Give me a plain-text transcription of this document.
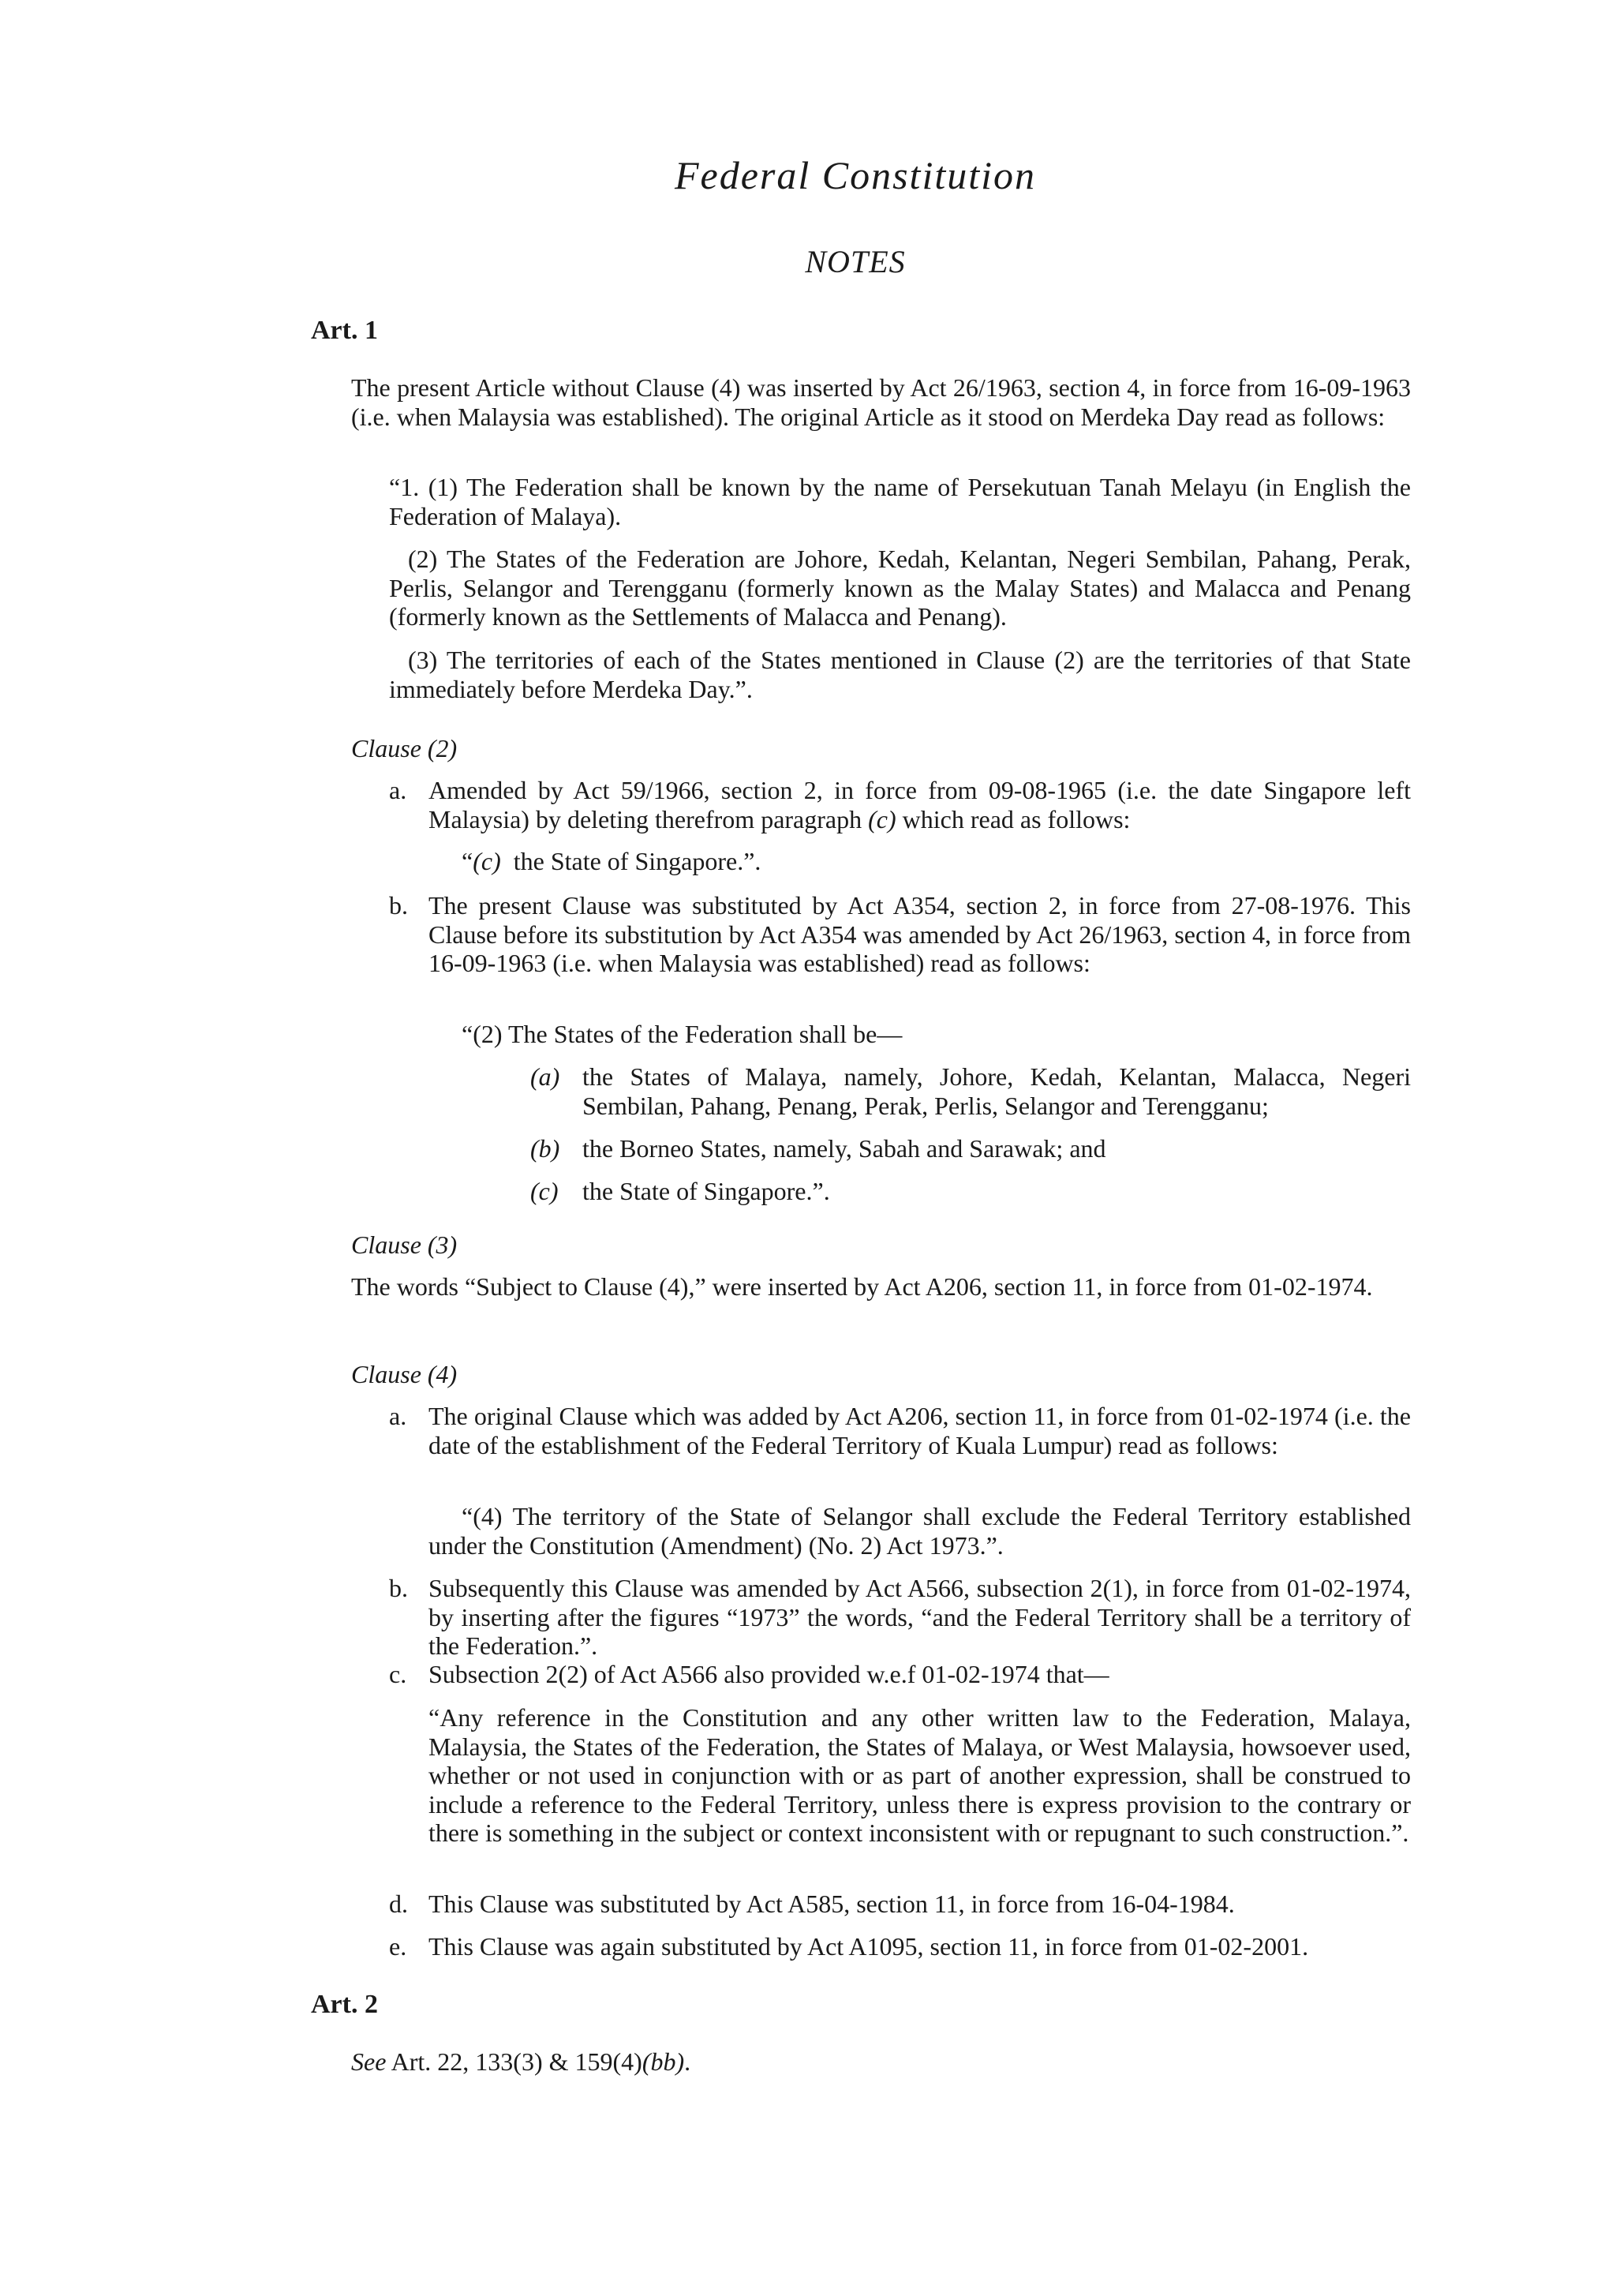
Federal Constitution
NOTES
Art. 1
The present Article without Clause (4) was inserted by Act 26/1963, section 4, in force from 16-09-1963 (i.e. when Malaysia was established). The original Article as it stood on Merdeka Day read as follows:
“1. (1) The Federation shall be known by the name of Persekutuan Tanah Melayu (in English the Federation of Malaya).
(2) The States of the Federation are Johore, Kedah, Kelantan, Negeri Sembilan, Pahang, Perak, Perlis, Selangor and Terengganu (formerly known as the Malay States) and Malacca and Penang (formerly known as the Settlements of Malacca and Penang).
(3) The territories of each of the States mentioned in Clause (2) are the territories of that State immediately before Merdeka Day.”.
Clause (2)
a. Amended by Act 59/1966, section 2, in force from 09-08-1965 (i.e. the date Singapore left Malaysia) by deleting therefrom paragraph (c) which read as follows:
“(c) the State of Singapore.”.
b. The present Clause was substituted by Act A354, section 2, in force from 27-08-1976. This Clause before its substitution by Act A354 was amended by Act 26/1963, section 4, in force from 16-09-1963 (i.e. when Malaysia was established) read as follows:
“(2) The States of the Federation shall be—
(a) the States of Malaya, namely, Johore, Kedah, Kelantan, Malacca, Negeri Sembilan, Pahang, Penang, Perak, Perlis, Selangor and Terengganu;
(b) the Borneo States, namely, Sabah and Sarawak; and
(c) the State of Singapore.”.
Clause (3)
The words “Subject to Clause (4),” were inserted by Act A206, section 11, in force from 01-02-1974.
Clause (4)
a. The original Clause which was added by Act A206, section 11, in force from 01-02-1974 (i.e. the date of the establishment of the Federal Territory of Kuala Lumpur) read as follows:
“(4) The territory of the State of Selangor shall exclude the Federal Territory established under the Constitution (Amendment) (No. 2) Act 1973.”.
b. Subsequently this Clause was amended by Act A566, subsection 2(1), in force from 01-02-1974, by inserting after the figures “1973” the words, “and the Federal Territory shall be a territory of the Federation.”.
c. Subsection 2(2) of Act A566 also provided w.e.f 01-02-1974 that—
“Any reference in the Constitution and any other written law to the Federation, Malaya, Malaysia, the States of the Federation, the States of Malaya, or West Malaysia, howsoever used, whether or not used in conjunction with or as part of another expression, shall be construed to include a reference to the Federal Territory, unless there is express provision to the contrary or there is something in the subject or context inconsistent with or repugnant to such construction.”.
d. This Clause was substituted by Act A585, section 11, in force from 16-04-1984.
e. This Clause was again substituted by Act A1095, section 11, in force from 01-02-2001.
Art. 2
See Art. 22, 133(3) & 159(4)(bb).
